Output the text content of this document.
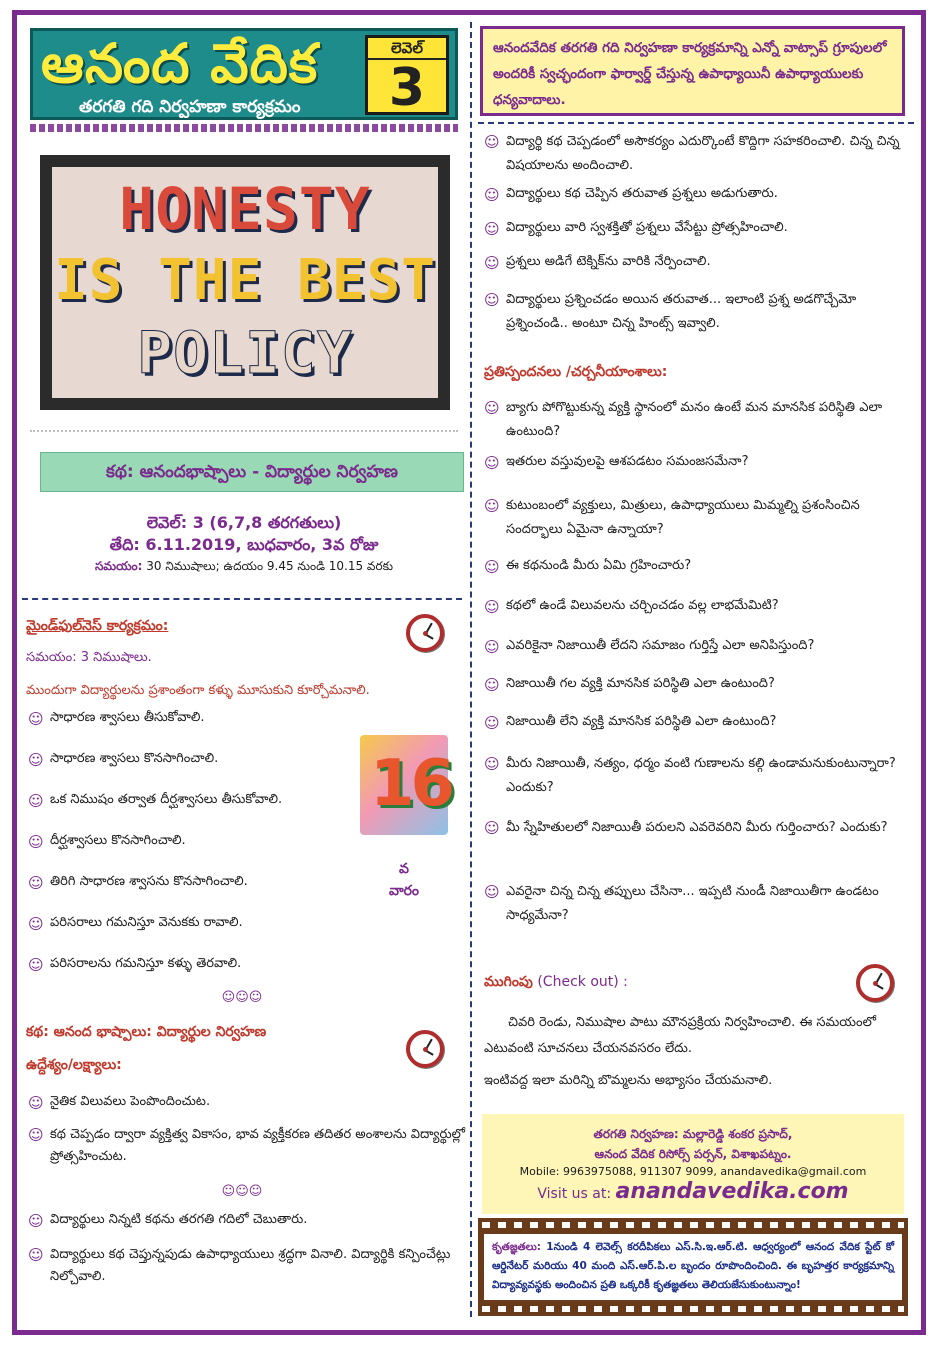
ఆనంద వేదిక
తరగతి గది నిర్వహణా కార్యక్రమం
లెవెల్
3
HONESTY
IS THE BEST
POLICY
కథ: ఆనందభాష్పాలు - విద్యార్థుల నిర్వహణ
లెవెల్: 3 (6,7,8 తరగతులు)
తేది: 6.11.2019, బుధవారం, 3వ రోజు
సమయం: 30 నిముషాలు; ఉదయం 9.45 నుండి 10.15 వరకు
మైండ్‌ఫుల్‌నెస్ కార్యక్రమం:
సమయం: 3 నిముషాలు.
ముందుగా విద్యార్థులను ప్రశాంతంగా కళ్ళు మూసుకుని కూర్చోమనాలి.
☺ సాధారణ శ్వాసలు తీసుకోవాలి.
☺ సాధారణ శ్వాసలు కొనసాగించాలి.
☺ ఒక నిముషం తర్వాత దీర్ఘశ్వాసలు తీసుకోవాలి.
☺ దీర్ఘశ్వాసలు కొనసాగించాలి.
☺ తిరిగి సాధారణ శ్వాసను కొనసాగించాలి.
☺ పరిసరాలు గమనిస్తూ వెనుకకు రావాలి.
☺ పరిసరాలను గమనిస్తూ కళ్ళు తెరవాలి.
16
వ
వారం
☺☺☺
కథ: ఆనంద భాష్పాలు: విద్యార్థుల నిర్వహణ
ఉద్దేశ్యం/లక్ష్యాలు:
☺ నైతిక విలువలు పెంపొందించుట.
☺ కథ చెప్పడం ద్వారా వ్యక్తిత్వ వికాసం, భావ వ్యక్తీకరణ తదితర అంశాలను విద్యార్థుల్లో ప్రోత్సహించుట.
☺☺☺
☺ విద్యార్థులు నిన్నటి కథను తరగతి గదిలో చెబుతారు.
☺ విద్యార్థులు కథ చెప్తున్నపుడు ఉపాధ్యాయులు శ్రద్ధగా వినాలి. విద్యార్థికి కన్పించేట్లు నిల్చోవాలి.
ఆనందవేదిక తరగతి గది నిర్వహణా కార్యక్రమాన్ని ఎన్నో వాట్సాప్ గ్రూపులలో అందరికీ స్వచ్ఛందంగా ఫార్వార్డ్ చేస్తున్న ఉపాధ్యాయినీ ఉపాధ్యాయులకు ధన్యవాదాలు.
☺ విద్యార్థి కథ చెప్పడంలో అసౌకర్యం ఎదుర్కొంటే కొద్దిగా సహకరించాలి. చిన్న చిన్న విషయాలను అందించాలి.
☺ విద్యార్థులు కథ చెప్పిన తరువాత ప్రశ్నలు అడుగుతారు.
☺ విద్యార్థులు వారి స్వశక్తితో ప్రశ్నలు వేసేట్టు ప్రోత్సహించాలి.
☺ ప్రశ్నలు అడిగే టెక్నిక్‌ను వారికి నేర్పించాలి.
☺ విద్యార్థులు ప్రశ్నించడం అయిన తరువాత... ఇలాంటి ప్రశ్న అడగొచ్చేమో ప్రశ్నించండి.. అంటూ చిన్న హింట్స్ ఇవ్వాలి.
ప్రతిస్పందనలు /చర్చనీయాంశాలు:
☺ బ్యాగు పోగొట్టుకున్న వ్యక్తి స్థానంలో మనం ఉంటే మన మానసిక పరిస్థితి ఎలా ఉంటుంది?
☺ ఇతరుల వస్తువులపై ఆశపడటం సమంజసమేనా?
☺ కుటుంబంలో వ్యక్తులు, మిత్రులు, ఉపాధ్యాయులు మిమ్మల్ని ప్రశంసించిన సందర్భాలు ఏమైనా ఉన్నాయా?
☺ ఈ కథనుండి మీరు ఏమి గ్రహించారు?
☺ కథలో ఉండే విలువలను చర్చించడం వల్ల లాభమేమిటి?
☺ ఎవరికైనా నిజాయితీ లేదని సమాజం గుర్తిస్తే ఎలా అనిపిస్తుంది?
☺ నిజాయితీ గల వ్యక్తి మానసిక పరిస్థితి ఎలా ఉంటుంది?
☺ నిజాయితీ లేని వ్యక్తి మానసిక పరిస్థితి ఎలా ఉంటుంది?
☺ మీరు నిజాయితీ, నత్యం, ధర్మం వంటి గుణాలను కల్గి ఉండామనుకుంటున్నారా? ఎందుకు?
☺ మీ స్నేహితులలో నిజాయితీ పరులని ఎవరెవరిని మీరు గుర్తించారు? ఎందుకు?
☺ ఎవరైనా చిన్న చిన్న తప్పులు చేసినా... ఇప్పటి నుండీ నిజాయితీగా ఉండటం సాధ్యమేనా?
ముగింపు (Check out) :
చివరి రెండు, నిముషాల పాటు మౌనప్రక్రియ నిర్వహించాలి. ఈ సమయంలో ఎటువంటి సూచనలు చేయనవసరం లేదు.
ఇంటివద్ద ఇలా మరిన్ని బొమ్మలను అభ్యాసం చేయమనాలి.
తరగతి నిర్వహణ: మల్లారెడ్డి శంకర ప్రసాద్,
ఆనంద వేదిక రిసోర్స్ పర్సన్, విశాఖపట్నం.
Mobile: 9963975088, 911307 9099, anandavedika@gmail.com
Visit us at: anandavedika.com
కృతజ్ఞతలు: 1నుండి 4 లెవెల్స్ కరదీపికలు ఎస్.సి.ఇ.ఆర్.టి. ఆధ్వర్యంలో ఆనంద వేదిక స్టేట్ కో ఆర్డినేటర్ మరియు 40 మంది ఎస్.ఆర్.పి.ల బృందం రూపొందించింది. ఈ బృహత్తర కార్యక్రమాన్ని విద్యావ్యవస్థకు అందించిన ప్రతి ఒక్కరికీ కృతజ్ఞతలు తెలియజేసుకుంటున్నాం!
